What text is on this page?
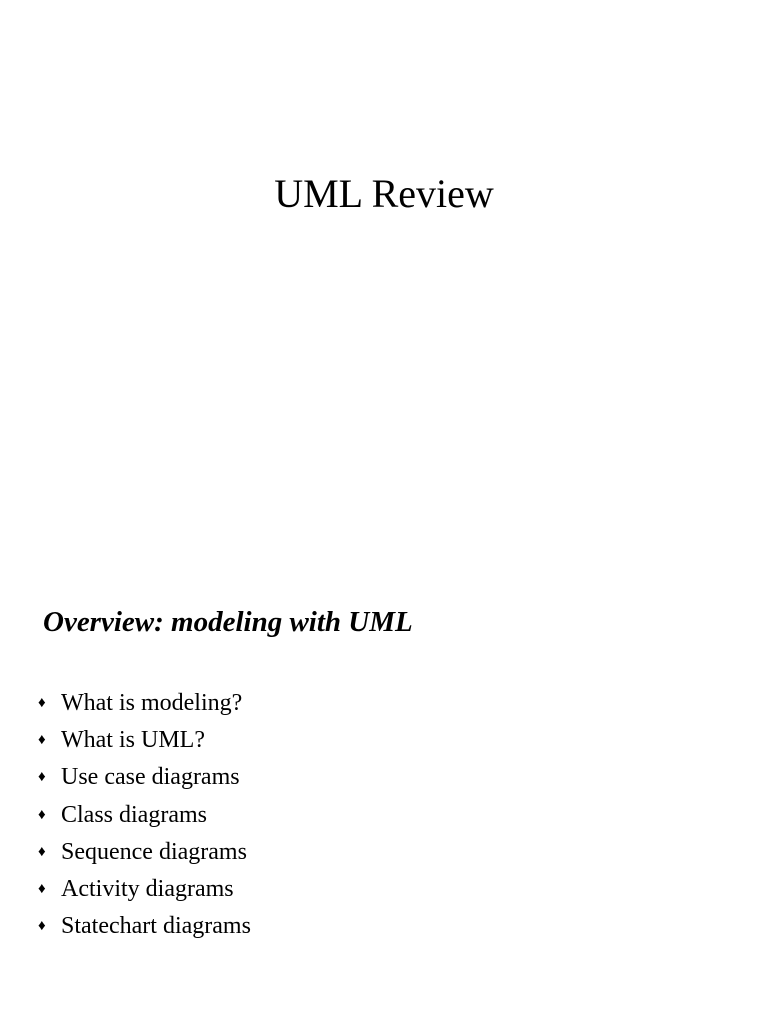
UML Review
Overview: modeling with UML
♦ What is modeling?
♦ What is UML?
♦ Use case diagrams
♦ Class diagrams
♦ Sequence diagrams
♦ Activity diagrams
♦ Statechart diagrams
